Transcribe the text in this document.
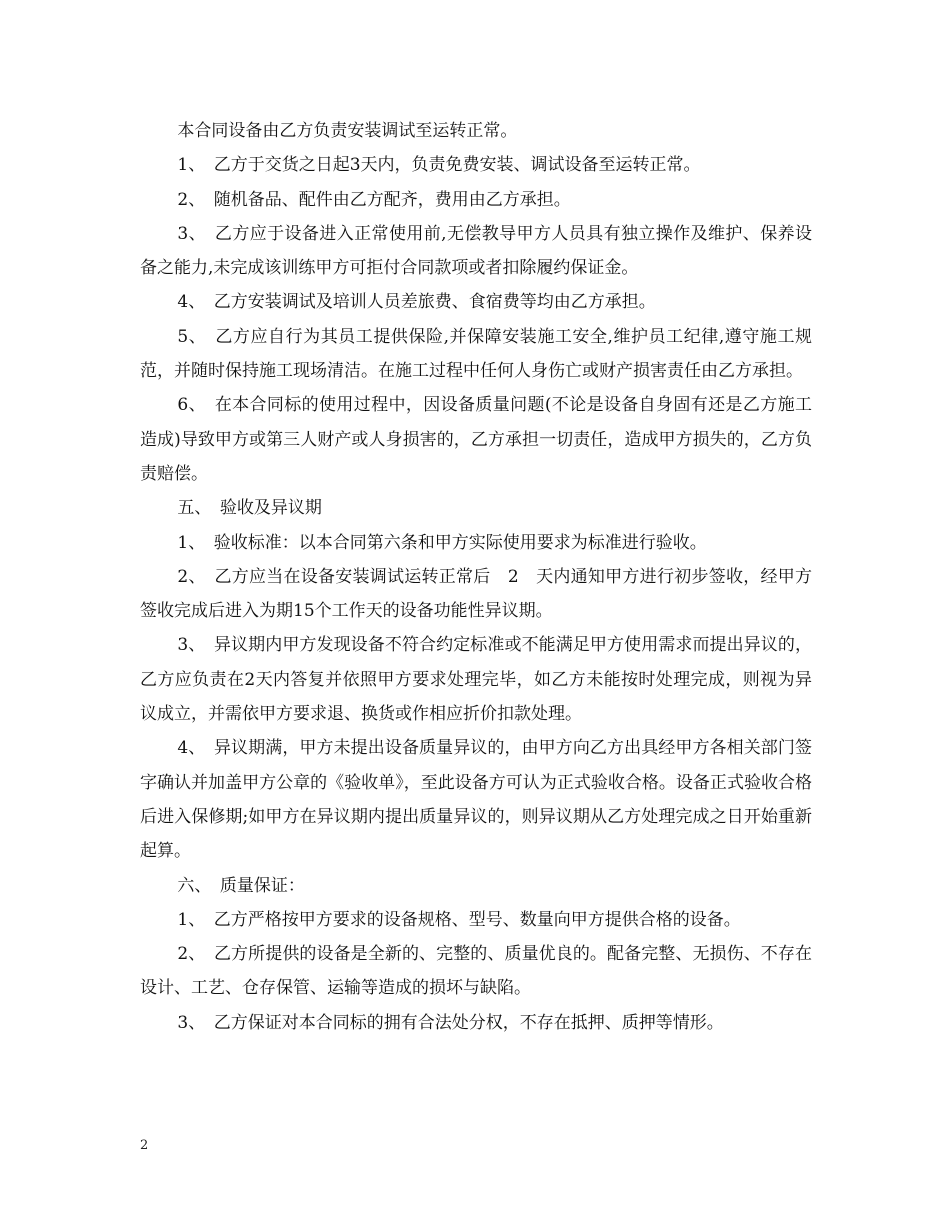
本合同设备由乙方负责安装调试至运转正常。

1、　乙方于交货之日起3天内，负责免费安装、调试设备至运转正常。

2、　随机备品、配件由乙方配齐，费用由乙方承担。

3、　乙方应于设备进入正常使用前,无偿教导甲方人员具有独立操作及维护、保养设备之能力,未完成该训练甲方可拒付合同款项或者扣除履约保证金。

4、　乙方安装调试及培训人员差旅费、食宿费等均由乙方承担。

5、　乙方应自行为其员工提供保险,并保障安装施工安全,维护员工纪律,遵守施工规范，并随时保持施工现场清洁。在施工过程中任何人身伤亡或财产损害责任由乙方承担。

6、　在本合同标的使用过程中，因设备质量问题(不论是设备自身固有还是乙方施工造成)导致甲方或第三人财产或人身损害的，乙方承担一切责任，造成甲方损失的，乙方负责赔偿。

五、　验收及异议期

1、　验收标准：以本合同第六条和甲方实际使用要求为标准进行验收。

2、　乙方应当在设备安装调试运转正常后　2　天内通知甲方进行初步签收，经甲方签收完成后进入为期15个工作天的设备功能性异议期。

3、　异议期内甲方发现设备不符合约定标准或不能满足甲方使用需求而提出异议的，乙方应负责在2天内答复并依照甲方要求处理完毕，如乙方未能按时处理完成，则视为异议成立，并需依甲方要求退、换货或作相应折价扣款处理。

4、　异议期满，甲方未提出设备质量异议的，由甲方向乙方出具经甲方各相关部门签字确认并加盖甲方公章的《验收单》，至此设备方可认为正式验收合格。设备正式验收合格后进入保修期;如甲方在异议期内提出质量异议的，则异议期从乙方处理完成之日开始重新起算。

六、　质量保证：

1、　乙方严格按甲方要求的设备规格、型号、数量向甲方提供合格的设备。

2、　乙方所提供的设备是全新的、完整的、质量优良的。配备完整、无损伤、不存在设计、工艺、仓存保管、运输等造成的损坏与缺陷。

3、　乙方保证对本合同标的拥有合法处分权，不存在抵押、质押等情形。

2
